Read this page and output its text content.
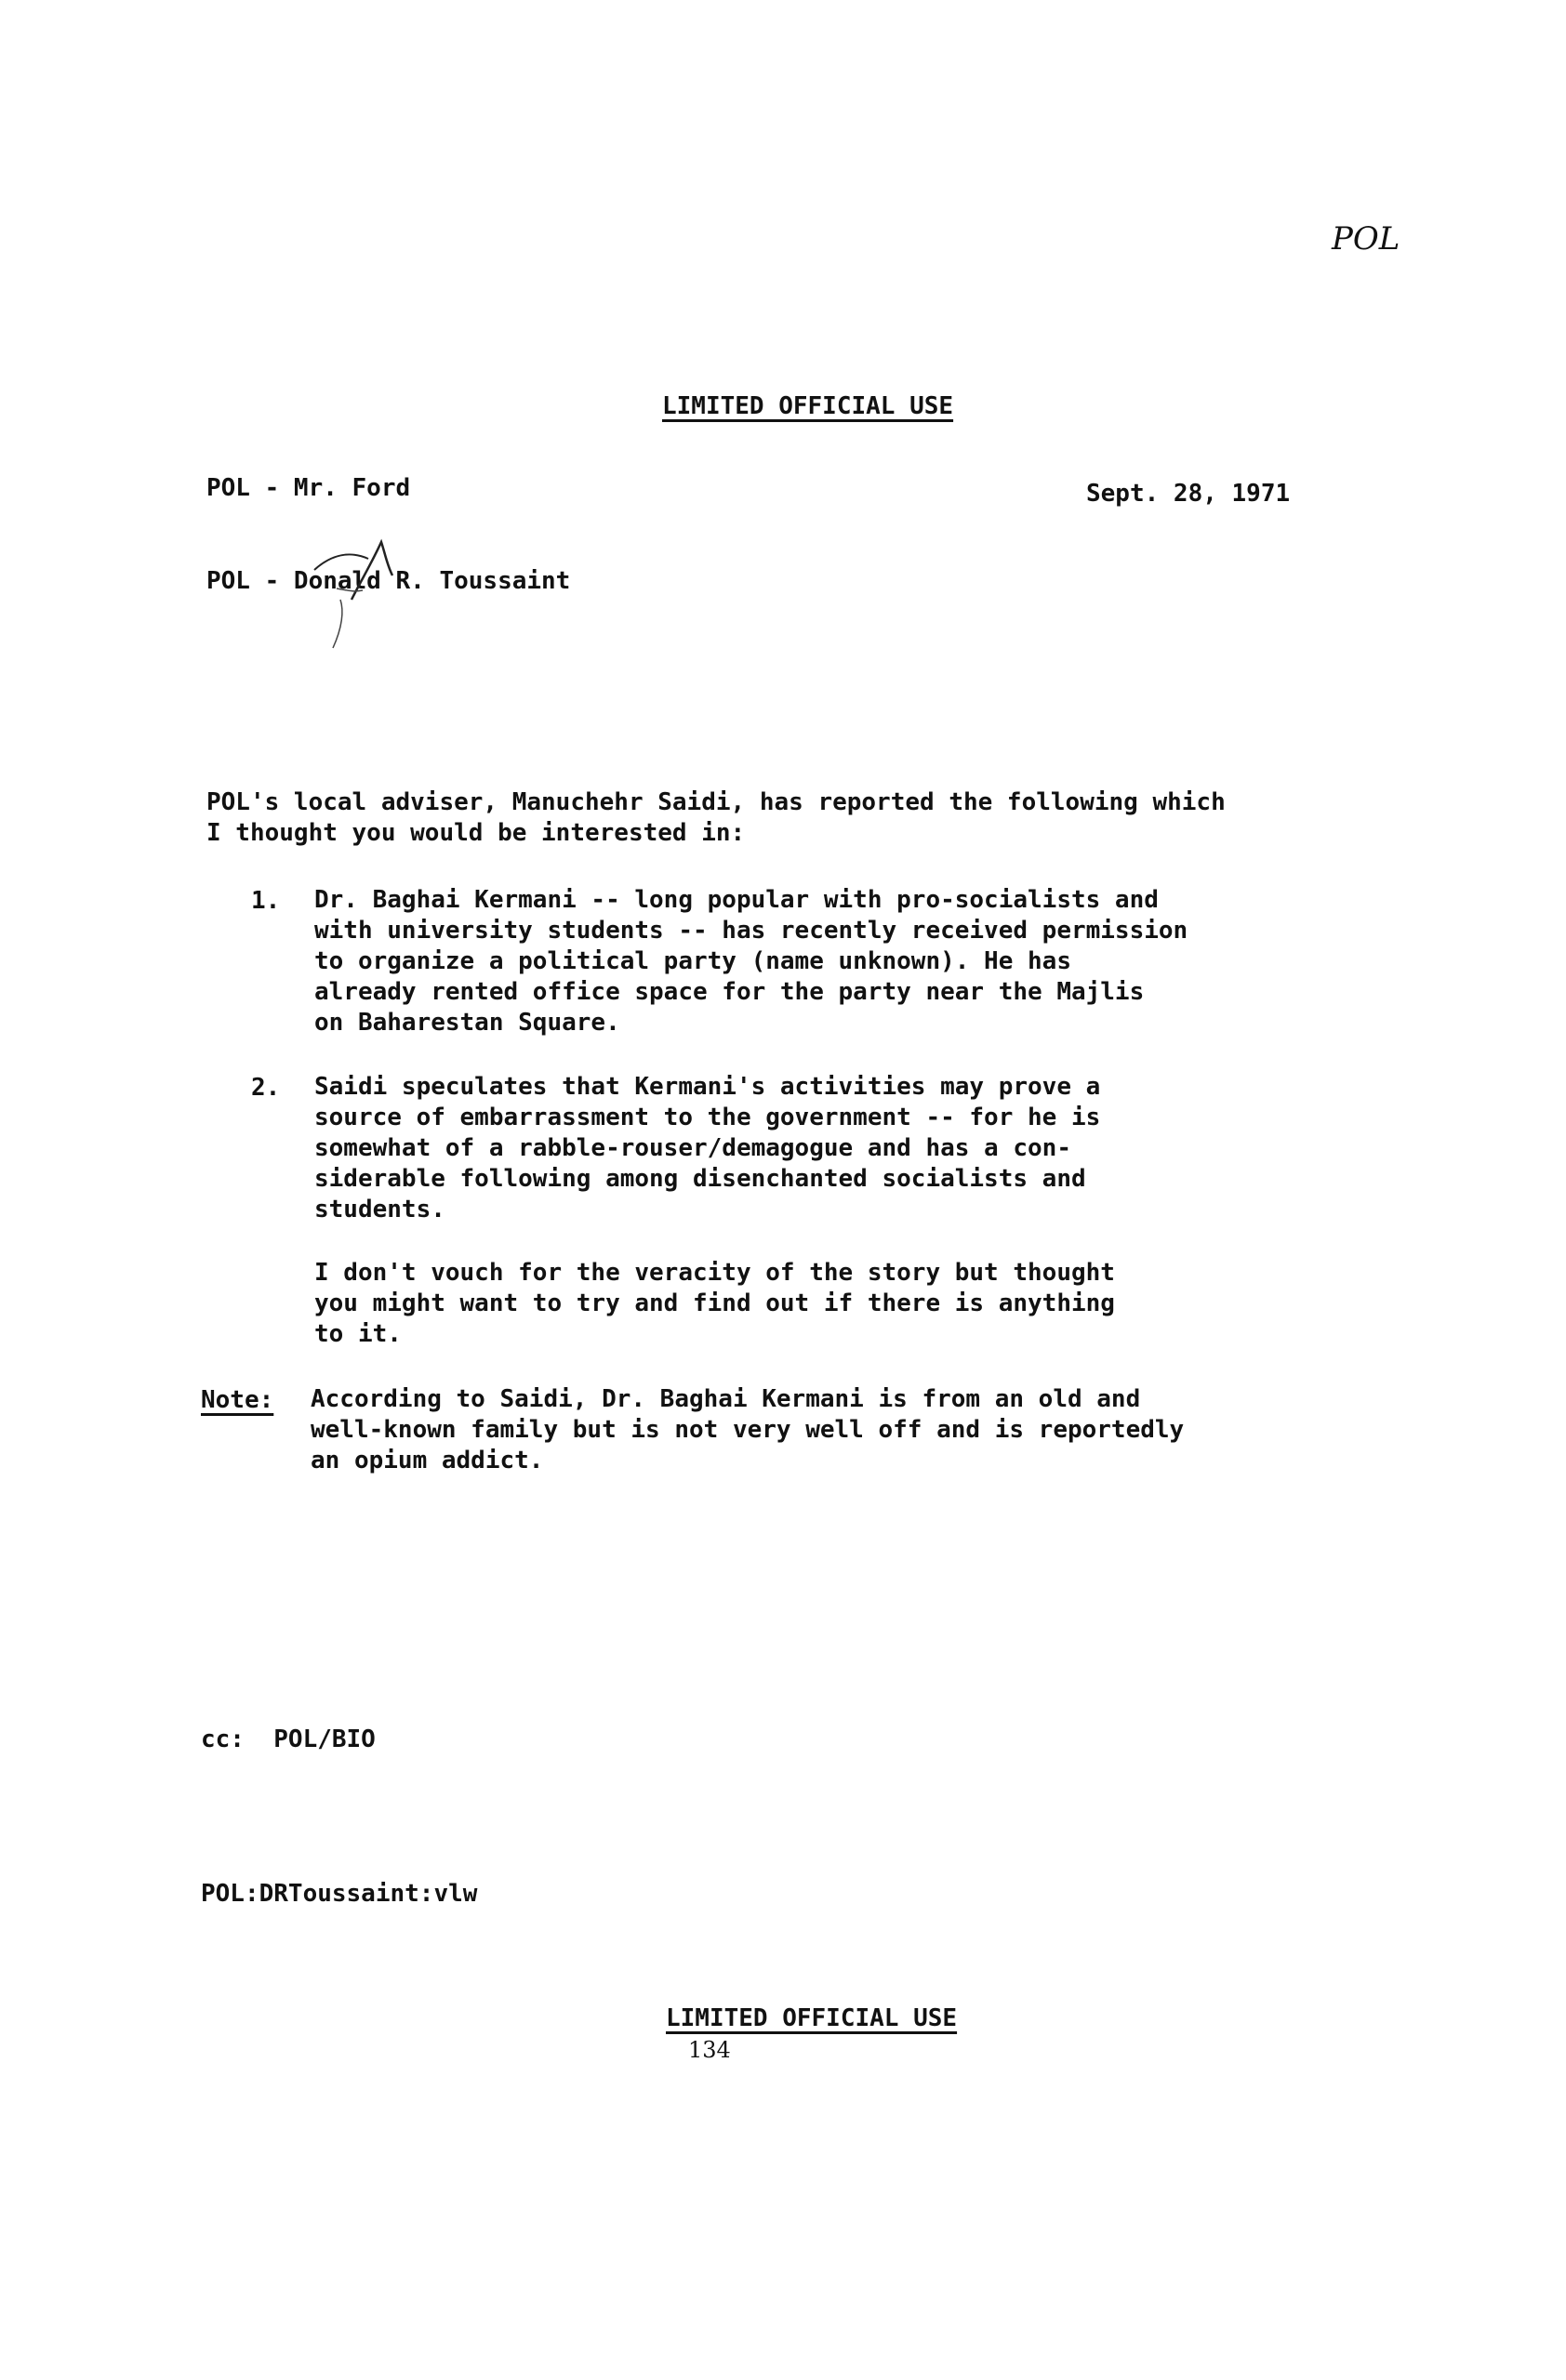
POL
LIMITED OFFICIAL USE
POL - Mr. Ford	Sept. 28, 1971
POL - Donald R. Toussaint
POL's local adviser, Manuchehr Saidi, has reported the following which
I thought you would be interested in:
1. Dr. Baghai Kermani -- long popular with pro-socialists and
with university students -- has recently received permission
to organize a political party (name unknown). He has
already rented office space for the party near the Majlis
on Baharestan Square.
2. Saidi speculates that Kermani's activities may prove a
source of embarrassment to the government -- for he is
somewhat of a rabble-rouser/demagogue and has a con-
siderable following among disenchanted socialists and
students.
I don't vouch for the veracity of the story but thought
you might want to try and find out if there is anything
to it.
Note: According to Saidi, Dr. Baghai Kermani is from an old and
well-known family but is not very well off and is reportedly
an opium addict.
cc:  POL/BIO
POL:DRToussaint:vlw
LIMITED OFFICIAL USE
134
